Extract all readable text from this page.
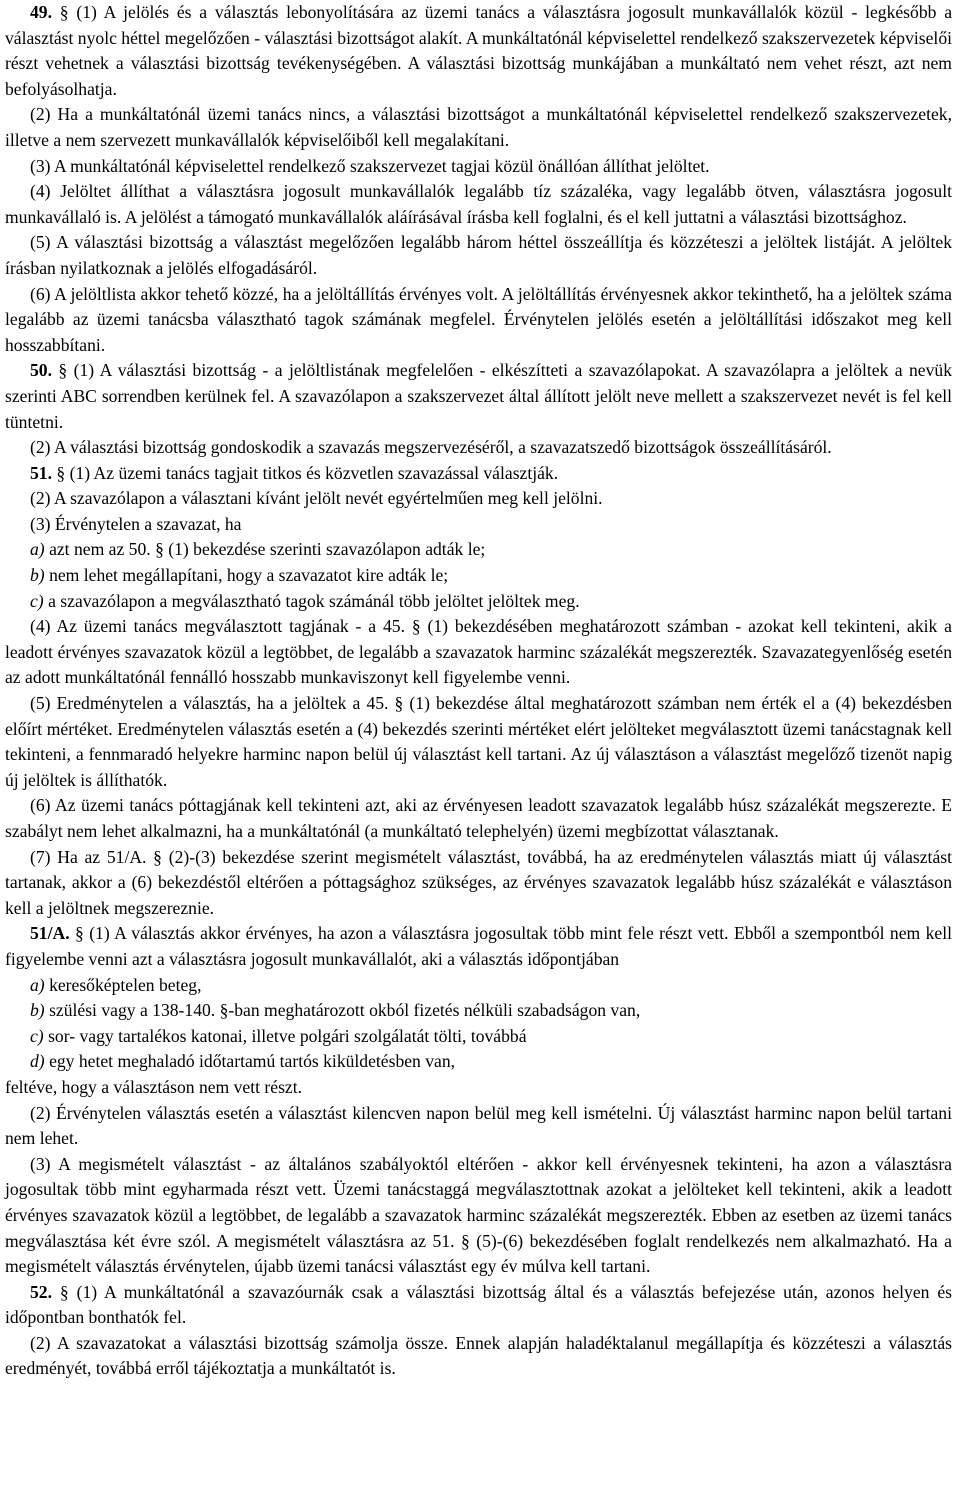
49. § (1) A jelölés és a választás lebonyolítására az üzemi tanács a választásra jogosult munkavállalók közül - legkésőbb a választást nyolc héttel megelőzően - választási bizottságot alakít. A munkáltatónál képviselettel rendelkező szakszervezetek képviselői részt vehetnek a választási bizottság tevékenységében. A választási bizottság munkájában a munkáltató nem vehet részt, azt nem befolyásolhatja.

(2) Ha a munkáltatónál üzemi tanács nincs, a választási bizottságot a munkáltatónál képviselettel rendelkező szakszervezetek, illetve a nem szervezett munkavállalók képviselőiből kell megalakítani.

(3) A munkáltatónál képviselettel rendelkező szakszervezet tagjai közül önállóan állíthat jelöltet.

(4) Jelöltet állíthat a választásra jogosult munkavállalók legalább tíz százaléka, vagy legalább ötven, választásra jogosult munkavállaló is. A jelölést a támogató munkavállalók aláírásával írásba kell foglalni, és el kell juttatni a választási bizottsághoz.

(5) A választási bizottság a választást megelőzően legalább három héttel összeállítja és közzéteszi a jelöltek listáját. A jelöltek írásban nyilatkoznak a jelölés elfogadásáról.

(6) A jelöltlista akkor tehető közzé, ha a jelöltállítás érvényes volt. A jelöltállítás érvényesnek akkor tekinthető, ha a jelöltek száma legalább az üzemi tanácsba választható tagok számának megfelel. Érvénytelen jelölés esetén a jelöltállítási időszakot meg kell hosszabbítani.

50. § (1) A választási bizottság - a jelöltlistának megfelelően - elkészítteti a szavazólapokat. A szavazólapra a jelöltek a nevük szerinti ABC sorrendben kerülnek fel. A szavazólapon a szakszervezet által állított jelölt neve mellett a szakszervezet nevét is fel kell tüntetni.

(2) A választási bizottság gondoskodik a szavazás megszervezéséről, a szavazatszedő bizottságok összeállításáról.

51. § (1) Az üzemi tanács tagjait titkos és közvetlen szavazással választják.

(2) A szavazólapon a választani kívánt jelölt nevét egyértelműen meg kell jelölni.

(3) Érvénytelen a szavazat, ha

a) azt nem az 50. § (1) bekezdése szerinti szavazólapon adták le;

b) nem lehet megállapítani, hogy a szavazatot kire adták le;

c) a szavazólapon a megválasztható tagok számánál több jelöltet jelöltek meg.

(4) Az üzemi tanács megválasztott tagjának - a 45. § (1) bekezdésében meghatározott számban - azokat kell tekinteni, akik a leadott érvényes szavazatok közül a legtöbbet, de legalább a szavazatok harminc százalékát megszerezték. Szavazategyenlőség esetén az adott munkáltatónál fennálló hosszabb munkaviszonyt kell figyelembe venni.

(5) Eredménytelen a választás, ha a jelöltek a 45. § (1) bekezdése által meghatározott számban nem érték el a (4) bekezdésben előírt mértéket. Eredménytelen választás esetén a (4) bekezdés szerinti mértéket elért jelölteket megválasztott üzemi tanácstagnak kell tekinteni, a fennmaradó helyekre harminc napon belül új választást kell tartani. Az új választáson a választást megelőző tizenöt napig új jelöltek is állíthatók.

(6) Az üzemi tanács póttagjának kell tekinteni azt, aki az érvényesen leadott szavazatok legalább húsz százalékát megszerezte. E szabályt nem lehet alkalmazni, ha a munkáltatónál (a munkáltató telephelyén) üzemi megbízottat választanak.

(7) Ha az 51/A. § (2)-(3) bekezdése szerint megismételt választást, továbbá, ha az eredménytelen választás miatt új választást tartanak, akkor a (6) bekezdéstől eltérően a póttagsághoz szükséges, az érvényes szavazatok legalább húsz százalékát e választáson kell a jelöltnek megszereznie.

51/A. § (1) A választás akkor érvényes, ha azon a választásra jogosultak több mint fele részt vett. Ebből a szempontból nem kell figyelembe venni azt a választásra jogosult munkavállalót, aki a választás időpontjában

a) keresőképtelen beteg,

b) szülési vagy a 138-140. §-ban meghatározott okból fizetés nélküli szabadságon van,

c) sor- vagy tartalékos katonai, illetve polgári szolgálatát tölti, továbbá

d) egy hetet meghaladó időtartamú tartós kiküldetésben van,

feltéve, hogy a választáson nem vett részt.

(2) Érvénytelen választás esetén a választást kilencven napon belül meg kell ismételni. Új választást harminc napon belül tartani nem lehet.

(3) A megismételt választást - az általános szabályoktól eltérően - akkor kell érvényesnek tekinteni, ha azon a választásra jogosultak több mint egyharmada részt vett. Üzemi tanácstaggá megválasztottnak azokat a jelölteket kell tekinteni, akik a leadott érvényes szavazatok közül a legtöbbet, de legalább a szavazatok harminc százalékát megszerezték. Ebben az esetben az üzemi tanács megválasztása két évre szól. A megismételt választásra az 51. § (5)-(6) bekezdésében foglalt rendelkezés nem alkalmazható. Ha a megismételt választás érvénytelen, újabb üzemi tanácsi választást egy év múlva kell tartani.

52. § (1) A munkáltatónál a szavazóurnák csak a választási bizottság által és a választás befejezése után, azonos helyen és időpontban bonthatók fel.

(2) A szavazatokat a választási bizottság számolja össze. Ennek alapján haladéktalanul megállapítja és közzéteszi a választás eredményét, továbbá erről tájékoztatja a munkáltatót is.
